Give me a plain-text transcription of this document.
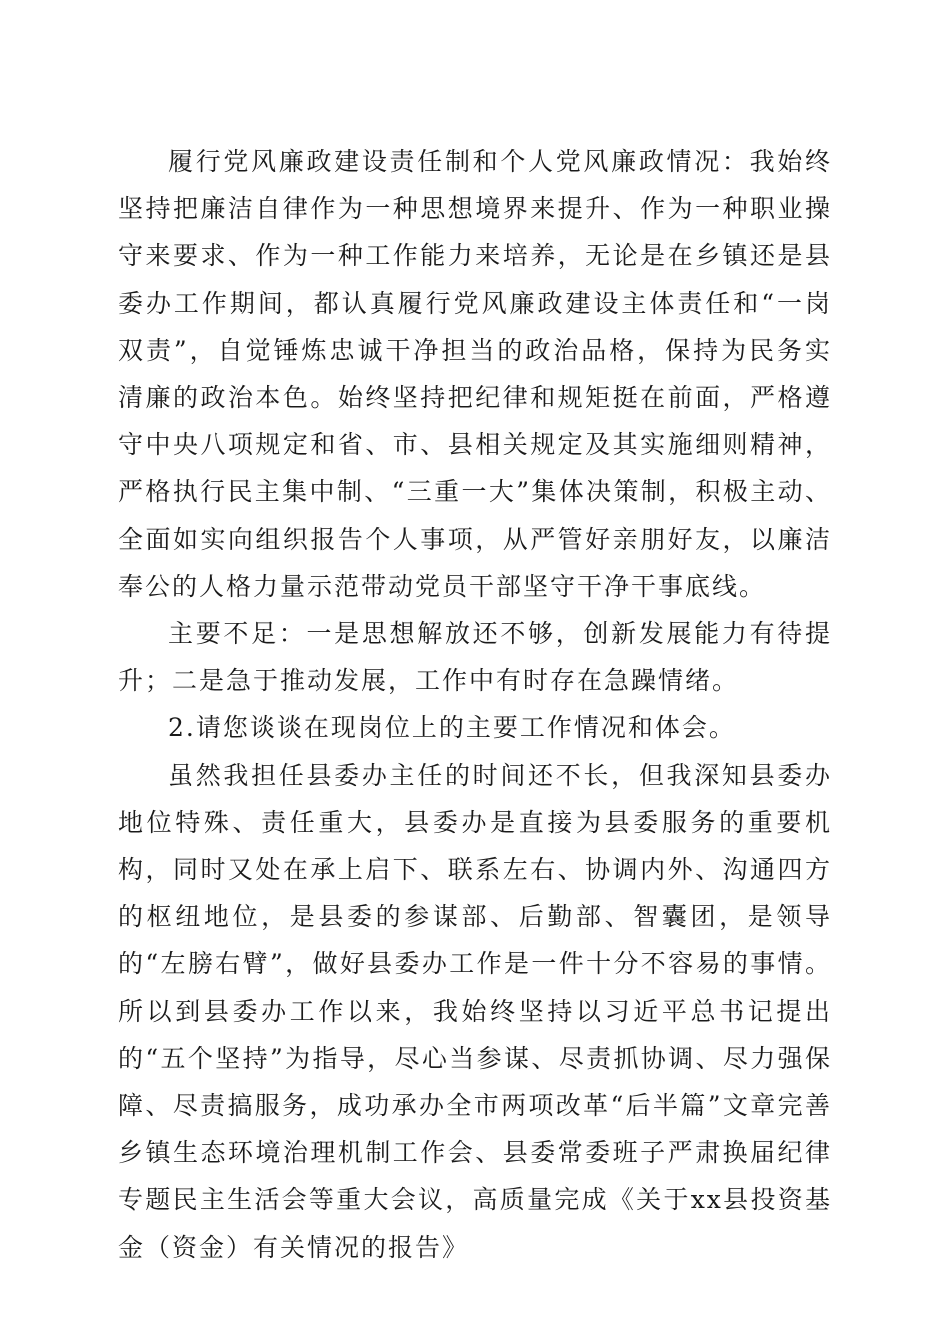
履行党风廉政建设责任制和个人党风廉政情况：我始终坚持把廉洁自律作为一种思想境界来提升、作为一种职业操守来要求、作为一种工作能力来培养，无论是在乡镇还是县委办工作期间，都认真履行党风廉政建设主体责任和“一岗双责”，自觉锤炼忠诚干净担当的政治品格，保持为民务实清廉的政治本色。始终坚持把纪律和规矩挺在前面，严格遵守中央八项规定和省、市、县相关规定及其实施细则精神，严格执行民主集中制、“三重一大”集体决策制，积极主动、全面如实向组织报告个人事项，从严管好亲朋好友，以廉洁奉公的人格力量示范带动党员干部坚守干净干事底线。

主要不足：一是思想解放还不够，创新发展能力有待提升；二是急于推动发展，工作中有时存在急躁情绪。

2.请您谈谈在现岗位上的主要工作情况和体会。

虽然我担任县委办主任的时间还不长，但我深知县委办地位特殊、责任重大，县委办是直接为县委服务的重要机构，同时又处在承上启下、联系左右、协调内外、沟通四方的枢纽地位，是县委的参谋部、后勤部、智囊团，是领导的“左膀右臂”，做好县委办工作是一件十分不容易的事情。所以到县委办工作以来，我始终坚持以习近平总书记提出的“五个坚持”为指导，尽心当参谋、尽责抓协调、尽力强保障、尽责搞服务，成功承办全市两项改革“后半篇”文章完善乡镇生态环境治理机制工作会、县委常委班子严肃换届纪律专题民主生活会等重大会议，高质量完成《关于xx县投资基金（资金）有关情况的报告》
